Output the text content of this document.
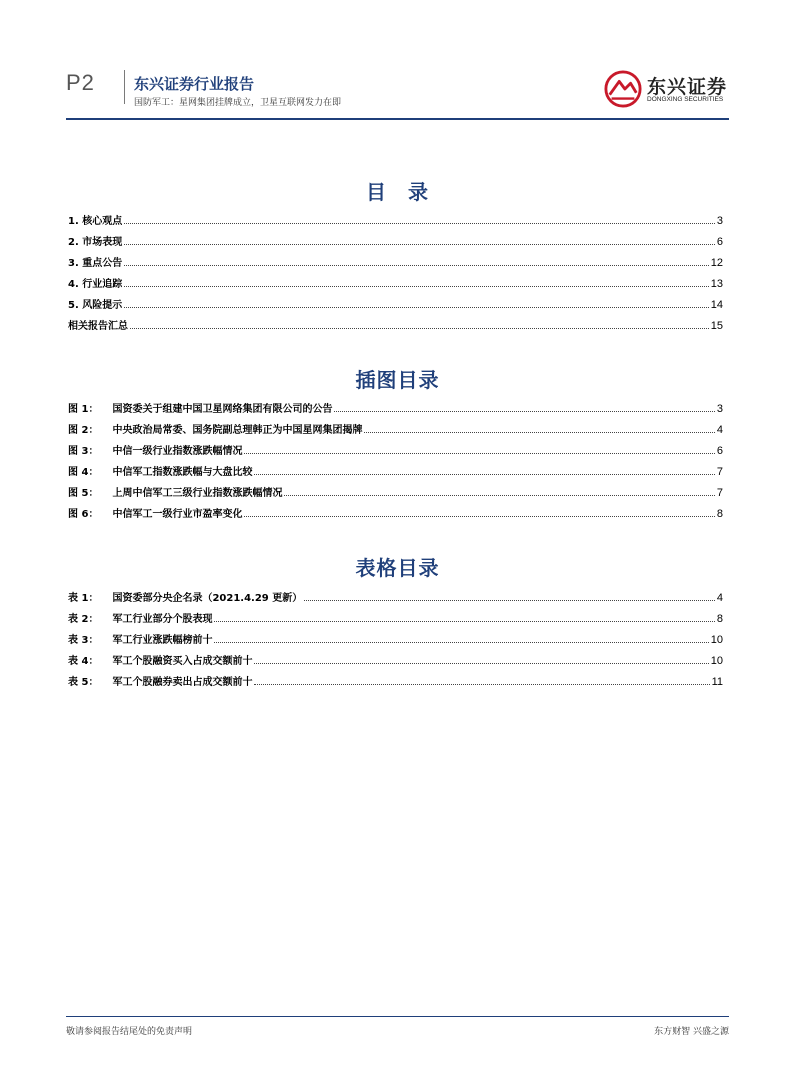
P2	东兴证券行业报告
国防军工：星网集团挂牌成立，卫星互联网发力在即
东兴证券
DONGXING SECURITIES
目　录
1. 核心观点	3
2. 市场表现	6
3. 重点公告	12
4. 行业追踪	13
5. 风险提示	14
相关报告汇总	15
插图目录
图 1： 国资委关于组建中国卫星网络集团有限公司的公告	3
图 2： 中央政治局常委、国务院副总理韩正为中国星网集团揭牌	4
图 3： 中信一级行业指数涨跌幅情况	6
图 4： 中信军工指数涨跌幅与大盘比较	7
图 5： 上周中信军工三级行业指数涨跌幅情况	7
图 6： 中信军工一级行业市盈率变化	8
表格目录
表 1： 国资委部分央企名录（2021.4.29 更新）	4
表 2： 军工行业部分个股表现	8
表 3： 军工行业涨跌幅榜前十	10
表 4： 军工个股融资买入占成交额前十	10
表 5： 军工个股融券卖出占成交额前十	11
敬请参阅报告结尾处的免责声明	东方财智 兴盛之源
